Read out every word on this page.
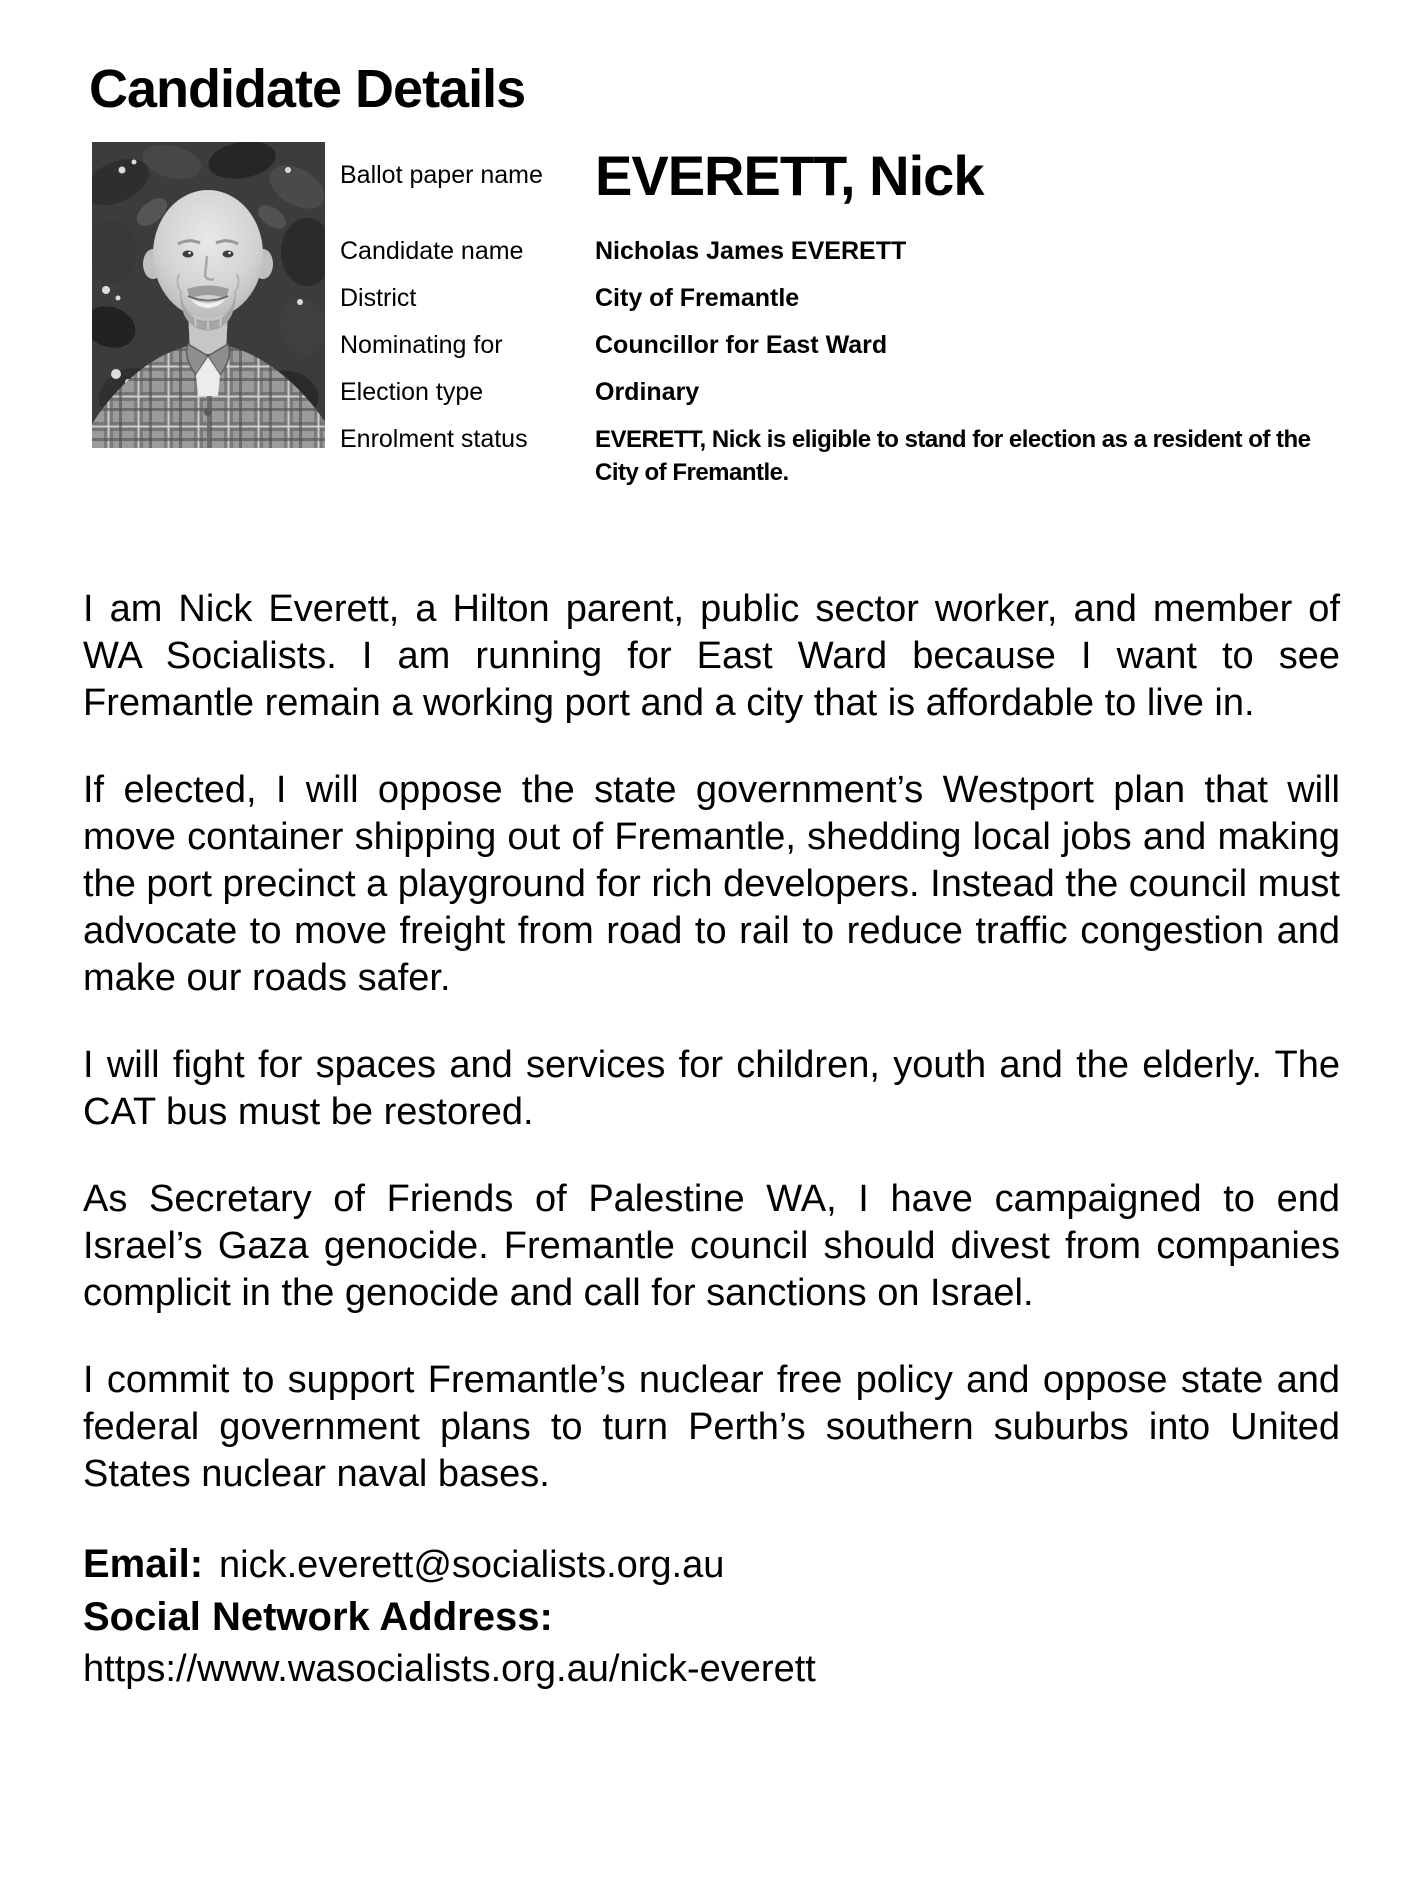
Candidate Details
Ballot paper name EVERETT, Nick
Candidate name	Nicholas James EVERETT
District	City of Fremantle
Nominating for	Councillor for East Ward
Election type	Ordinary
Enrolment status	EVERETT, Nick is eligible to stand for election as a resident of the City of Fremantle.

I am Nick Everett, a Hilton parent, public sector worker, and member of WA Socialists. I am running for East Ward because I want to see Fremantle remain a working port and a city that is affordable to live in.

If elected, I will oppose the state government’s Westport plan that will move container shipping out of Fremantle, shedding local jobs and making the port precinct a playground for rich developers. Instead the council must advocate to move freight from road to rail to reduce traffic congestion and make our roads safer.

I will fight for spaces and services for children, youth and the elderly. The CAT bus must be restored.

As Secretary of Friends of Palestine WA, I have campaigned to end Israel’s Gaza genocide. Fremantle council should divest from companies complicit in the genocide and call for sanctions on Israel.

I commit to support Fremantle’s nuclear free policy and oppose state and federal government plans to turn Perth’s southern suburbs into United States nuclear naval bases.

Email: nick.everett@socialists.org.au

Social Network Address:

https://www.wasocialists.org.au/nick-everett
